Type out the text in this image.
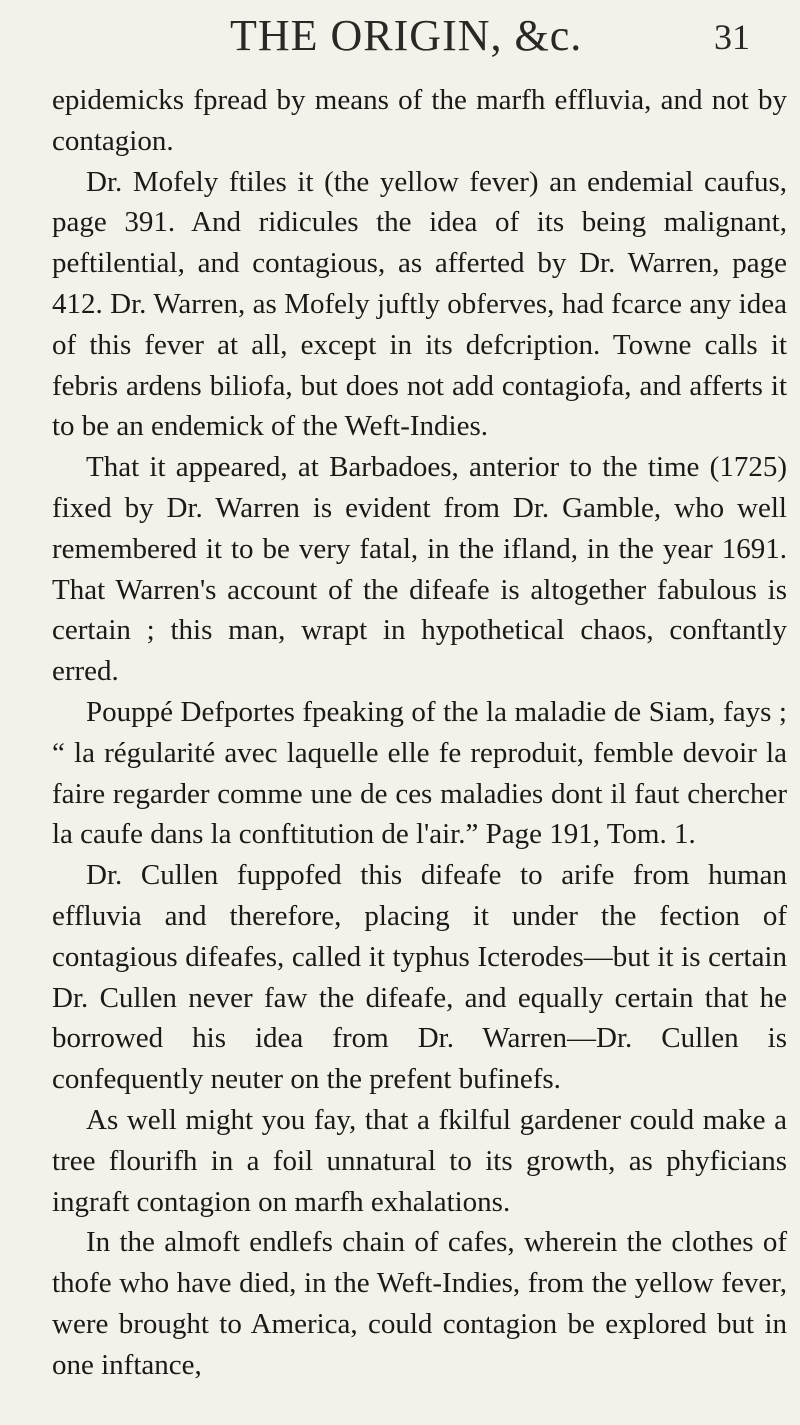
THE ORIGIN, &c.	31

epidemicks fpread by means of the marfh effluvia, and not by contagion.

Dr. Mofely ftiles it (the yellow fever) an endemial caufus, page 391. And ridicules the idea of its being malignant, peftilential, and contagious, as afferted by Dr. Warren, page 412. Dr. Warren, as Mofely juftly obferves, had fcarce any idea of this fever at all, except in its defcription. Towne calls it febris ardens biliofa, but does not add contagiofa, and afferts it to be an endemick of the Weft-Indies.

That it appeared, at Barbadoes, anterior to the time (1725) fixed by Dr. Warren is evident from Dr. Gamble, who well remembered it to be very fatal, in the ifland, in the year 1691. That Warren's account of the difeafe is altogether fabulous is certain ; this man, wrapt in hypothetical chaos, conftantly erred.

Pouppé Defportes fpeaking of the la maladie de Siam, fays ; “ la régularité avec laquelle elle fe reproduit, femble devoir la faire regarder comme une de ces maladies dont il faut chercher la caufe dans la conftitution de l'air.” Page 191, Tom. 1.

Dr. Cullen fuppofed this difeafe to arife from human effluvia and therefore, placing it under the fection of contagious difeafes, called it typhus Icterodes—but it is certain Dr. Cullen never faw the difeafe, and equally certain that he borrowed his idea from Dr. Warren—Dr. Cullen is confequently neuter on the prefent bufinefs.

As well might you fay, that a fkilful gardener could make a tree flourifh in a foil unnatural to its growth, as phyficians ingraft contagion on marfh exhalations.

In the almoft endlefs chain of cafes, wherein the clothes of thofe who have died, in the Weft-Indies, from the yellow fever, were brought to America, could contagion be explored but in one inftance,
